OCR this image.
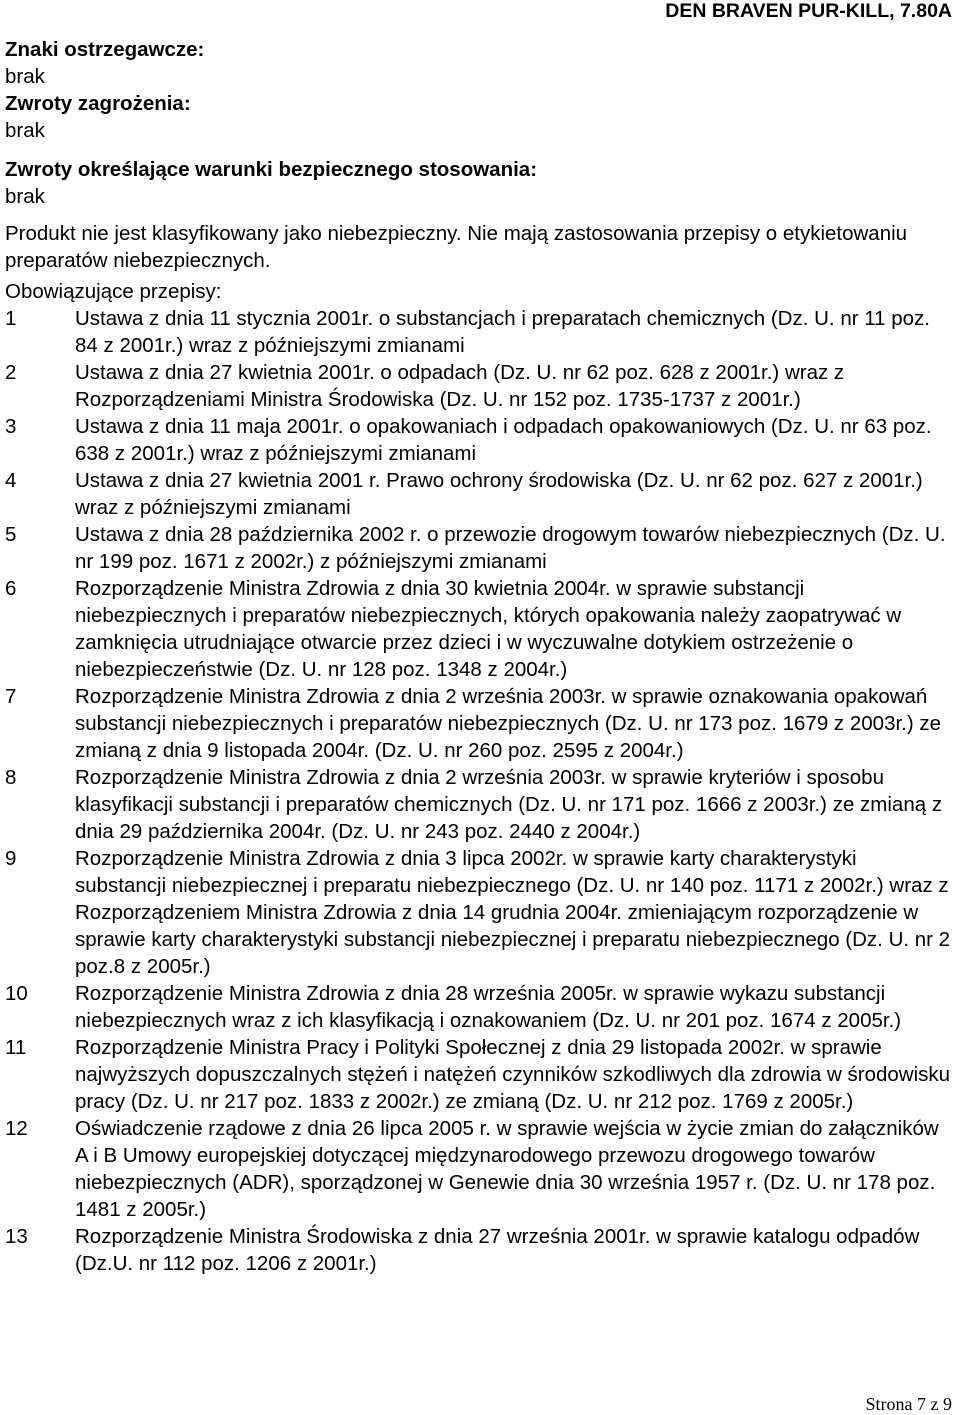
DEN BRAVEN PUR-KILL, 7.80A
Znaki ostrzegawcze:
brak
Zwroty zagrożenia:
brak
Zwroty określające warunki bezpiecznego stosowania:
brak
Produkt nie jest klasyfikowany jako niebezpieczny. Nie mają zastosowania przepisy o etykietowaniu preparatów niebezpiecznych.
Obowiązujące przepisy:
1	Ustawa z dnia 11 stycznia 2001r. o substancjach i preparatach chemicznych (Dz. U. nr 11 poz. 84 z 2001r.) wraz z późniejszymi zmianami
2	Ustawa z dnia 27 kwietnia 2001r. o odpadach (Dz. U. nr 62 poz. 628 z 2001r.) wraz z Rozporządzeniami Ministra Środowiska (Dz. U. nr 152 poz. 1735-1737 z 2001r.)
3	Ustawa z dnia 11 maja 2001r. o opakowaniach i odpadach opakowaniowych (Dz. U. nr 63 poz. 638 z 2001r.) wraz z późniejszymi zmianami
4	Ustawa z dnia 27 kwietnia 2001 r. Prawo ochrony środowiska (Dz. U. nr 62 poz. 627 z 2001r.) wraz z późniejszymi zmianami
5	Ustawa z dnia 28 października 2002 r. o przewozie drogowym towarów niebezpiecznych (Dz. U. nr 199 poz. 1671 z 2002r.) z późniejszymi zmianami
6	Rozporządzenie Ministra Zdrowia z dnia 30 kwietnia 2004r. w sprawie substancji niebezpiecznych i preparatów niebezpiecznych, których opakowania należy zaopatrywać w zamknięcia utrudniające otwarcie przez dzieci i w wyczuwalne dotykiem ostrzeżenie o niebezpieczeństwie (Dz. U. nr 128 poz. 1348 z 2004r.)
7	Rozporządzenie Ministra Zdrowia z dnia 2 września 2003r. w sprawie oznakowania opakowań substancji niebezpiecznych i preparatów niebezpiecznych (Dz. U. nr 173 poz. 1679 z 2003r.) ze zmianą z dnia 9 listopada 2004r. (Dz. U. nr 260 poz. 2595 z 2004r.)
8	Rozporządzenie Ministra Zdrowia z dnia 2 września 2003r. w sprawie kryteriów i sposobu klasyfikacji substancji i preparatów chemicznych (Dz. U. nr 171 poz. 1666 z 2003r.) ze zmianą z dnia 29 października 2004r. (Dz. U. nr 243 poz. 2440 z 2004r.)
9	Rozporządzenie Ministra Zdrowia z dnia 3 lipca 2002r. w sprawie karty charakterystyki substancji niebezpiecznej i preparatu niebezpiecznego (Dz. U. nr 140 poz. 1171 z 2002r.) wraz z Rozporządzeniem Ministra Zdrowia z dnia 14 grudnia 2004r. zmieniającym rozporządzenie w sprawie karty charakterystyki substancji niebezpiecznej i preparatu niebezpiecznego (Dz. U. nr 2 poz.8 z 2005r.)
10	Rozporządzenie Ministra Zdrowia z dnia 28 września 2005r. w sprawie wykazu substancji niebezpiecznych wraz z ich klasyfikacją i oznakowaniem (Dz. U. nr 201 poz. 1674 z 2005r.)
11	Rozporządzenie Ministra Pracy i Polityki Społecznej z dnia 29 listopada 2002r. w sprawie najwyższych dopuszczalnych stężeń i natężeń czynników szkodliwych dla zdrowia w środowisku pracy (Dz. U. nr 217 poz. 1833 z 2002r.) ze zmianą (Dz. U. nr 212 poz. 1769 z 2005r.)
12	Oświadczenie rządowe z dnia 26 lipca 2005 r. w sprawie wejścia w życie zmian do załączników A i B Umowy europejskiej dotyczącej międzynarodowego przewozu drogowego towarów niebezpiecznych (ADR), sporządzonej w Genewie dnia 30 września 1957 r. (Dz. U. nr 178 poz. 1481 z 2005r.)
13	Rozporządzenie Ministra Środowiska z dnia 27 września 2001r. w sprawie katalogu odpadów (Dz.U. nr 112 poz. 1206 z 2001r.)
Strona 7 z 9
